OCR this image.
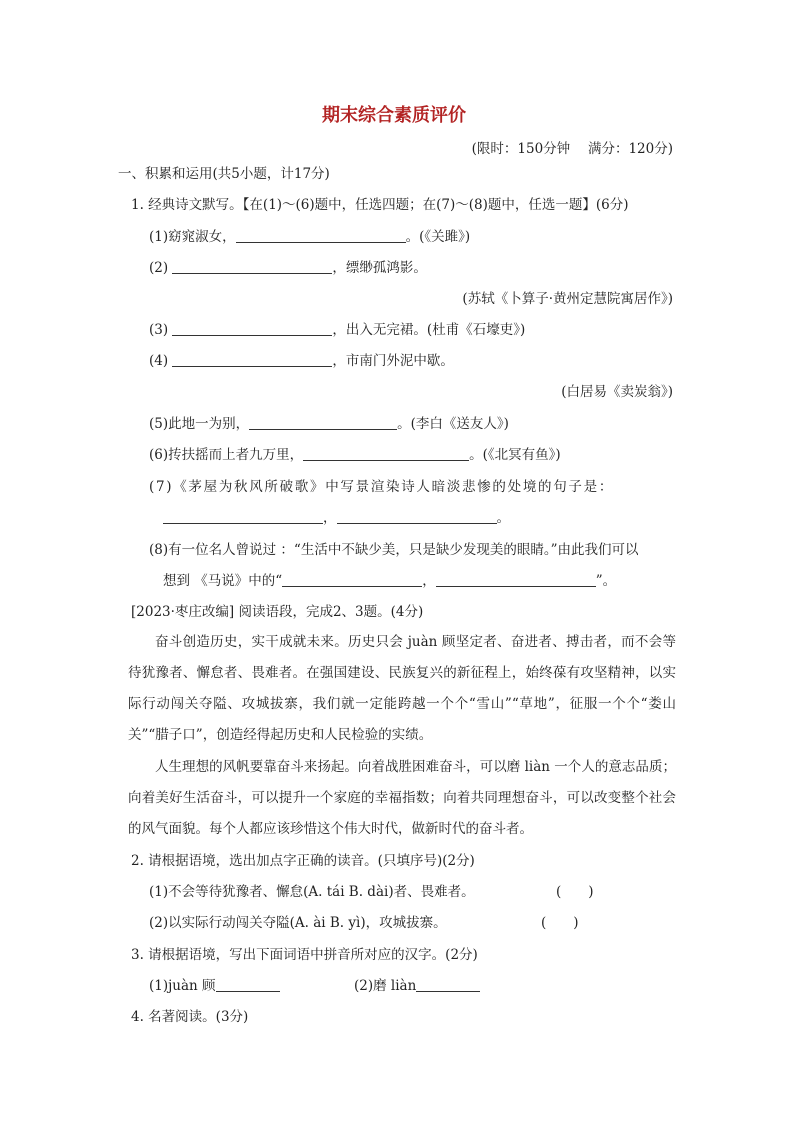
期末综合素质评价
(限时：150分钟　 满分：120分)
一、积累和运用(共5小题，计17分)
1. 经典诗文默写。【在(1)～(6)题中，任选四题；在(7)～(8)题中，任选一题】(6分)
(1)窈窕淑女，	。(《关雎》)
(2)	，缥缈孤鸿影。
(苏轼《卜算子·黄州定慧院寓居作》)
(3)	，出入无完裙。(杜甫《石壕吏》)
(4)	，市南门外泥中歇。
(白居易《卖炭翁》)
(5)此地一为别，	。(李白《送友人》)
(6)抟扶摇而上者九万里，	。(《北冥有鱼》)
(7)《茅屋为秋风所破歌》中写景渲染诗人暗淡悲惨的处境的句子是：
，	。
(8)有一位名人曾说过 ：“生活中不缺少美，只是缺少发现美的眼睛。”由此我们可以
想到 《马说》中的“	，	”。
[2023·枣庄改编] 阅读语段，完成2、3题。(4分)
奋斗创造历史，实干成就未来。历史只会 juàn 顾坚定者、奋进者、搏击者，而不会等待犹豫者、懈怠者、畏难者。在强国建设、民族复兴的新征程上，始终葆有攻坚精神，以实际行动闯关夺隘、攻城拔寨，我们就一定能跨越一个个“雪山”“草地”，征服一个个“娄山关”“腊子口”，创造经得起历史和人民检验的实绩。
人生理想的风帆要靠奋斗来扬起。向着战胜困难奋斗，可以磨 liàn 一个人的意志品质；向着美好生活奋斗，可以提升一个家庭的幸福指数；向着共同理想奋斗，可以改变整个社会的风气面貌。每个人都应该珍惜这个伟大时代，做新时代的奋斗者。
2. 请根据语境，选出加点字正确的读音。(只填序号)(2分)
(1)不会等待犹豫者、懈怠(A. tái B. dài)者、畏难者。	(　　)
(2)以实际行动闯关夺隘(A. ài B. yì)，攻城拔寨。	(　　)
3. 请根据语境，写出下面词语中拼音所对应的汉字。(2分)
(1)juàn 顾	(2)磨 liàn
4. 名著阅读。(3分)
